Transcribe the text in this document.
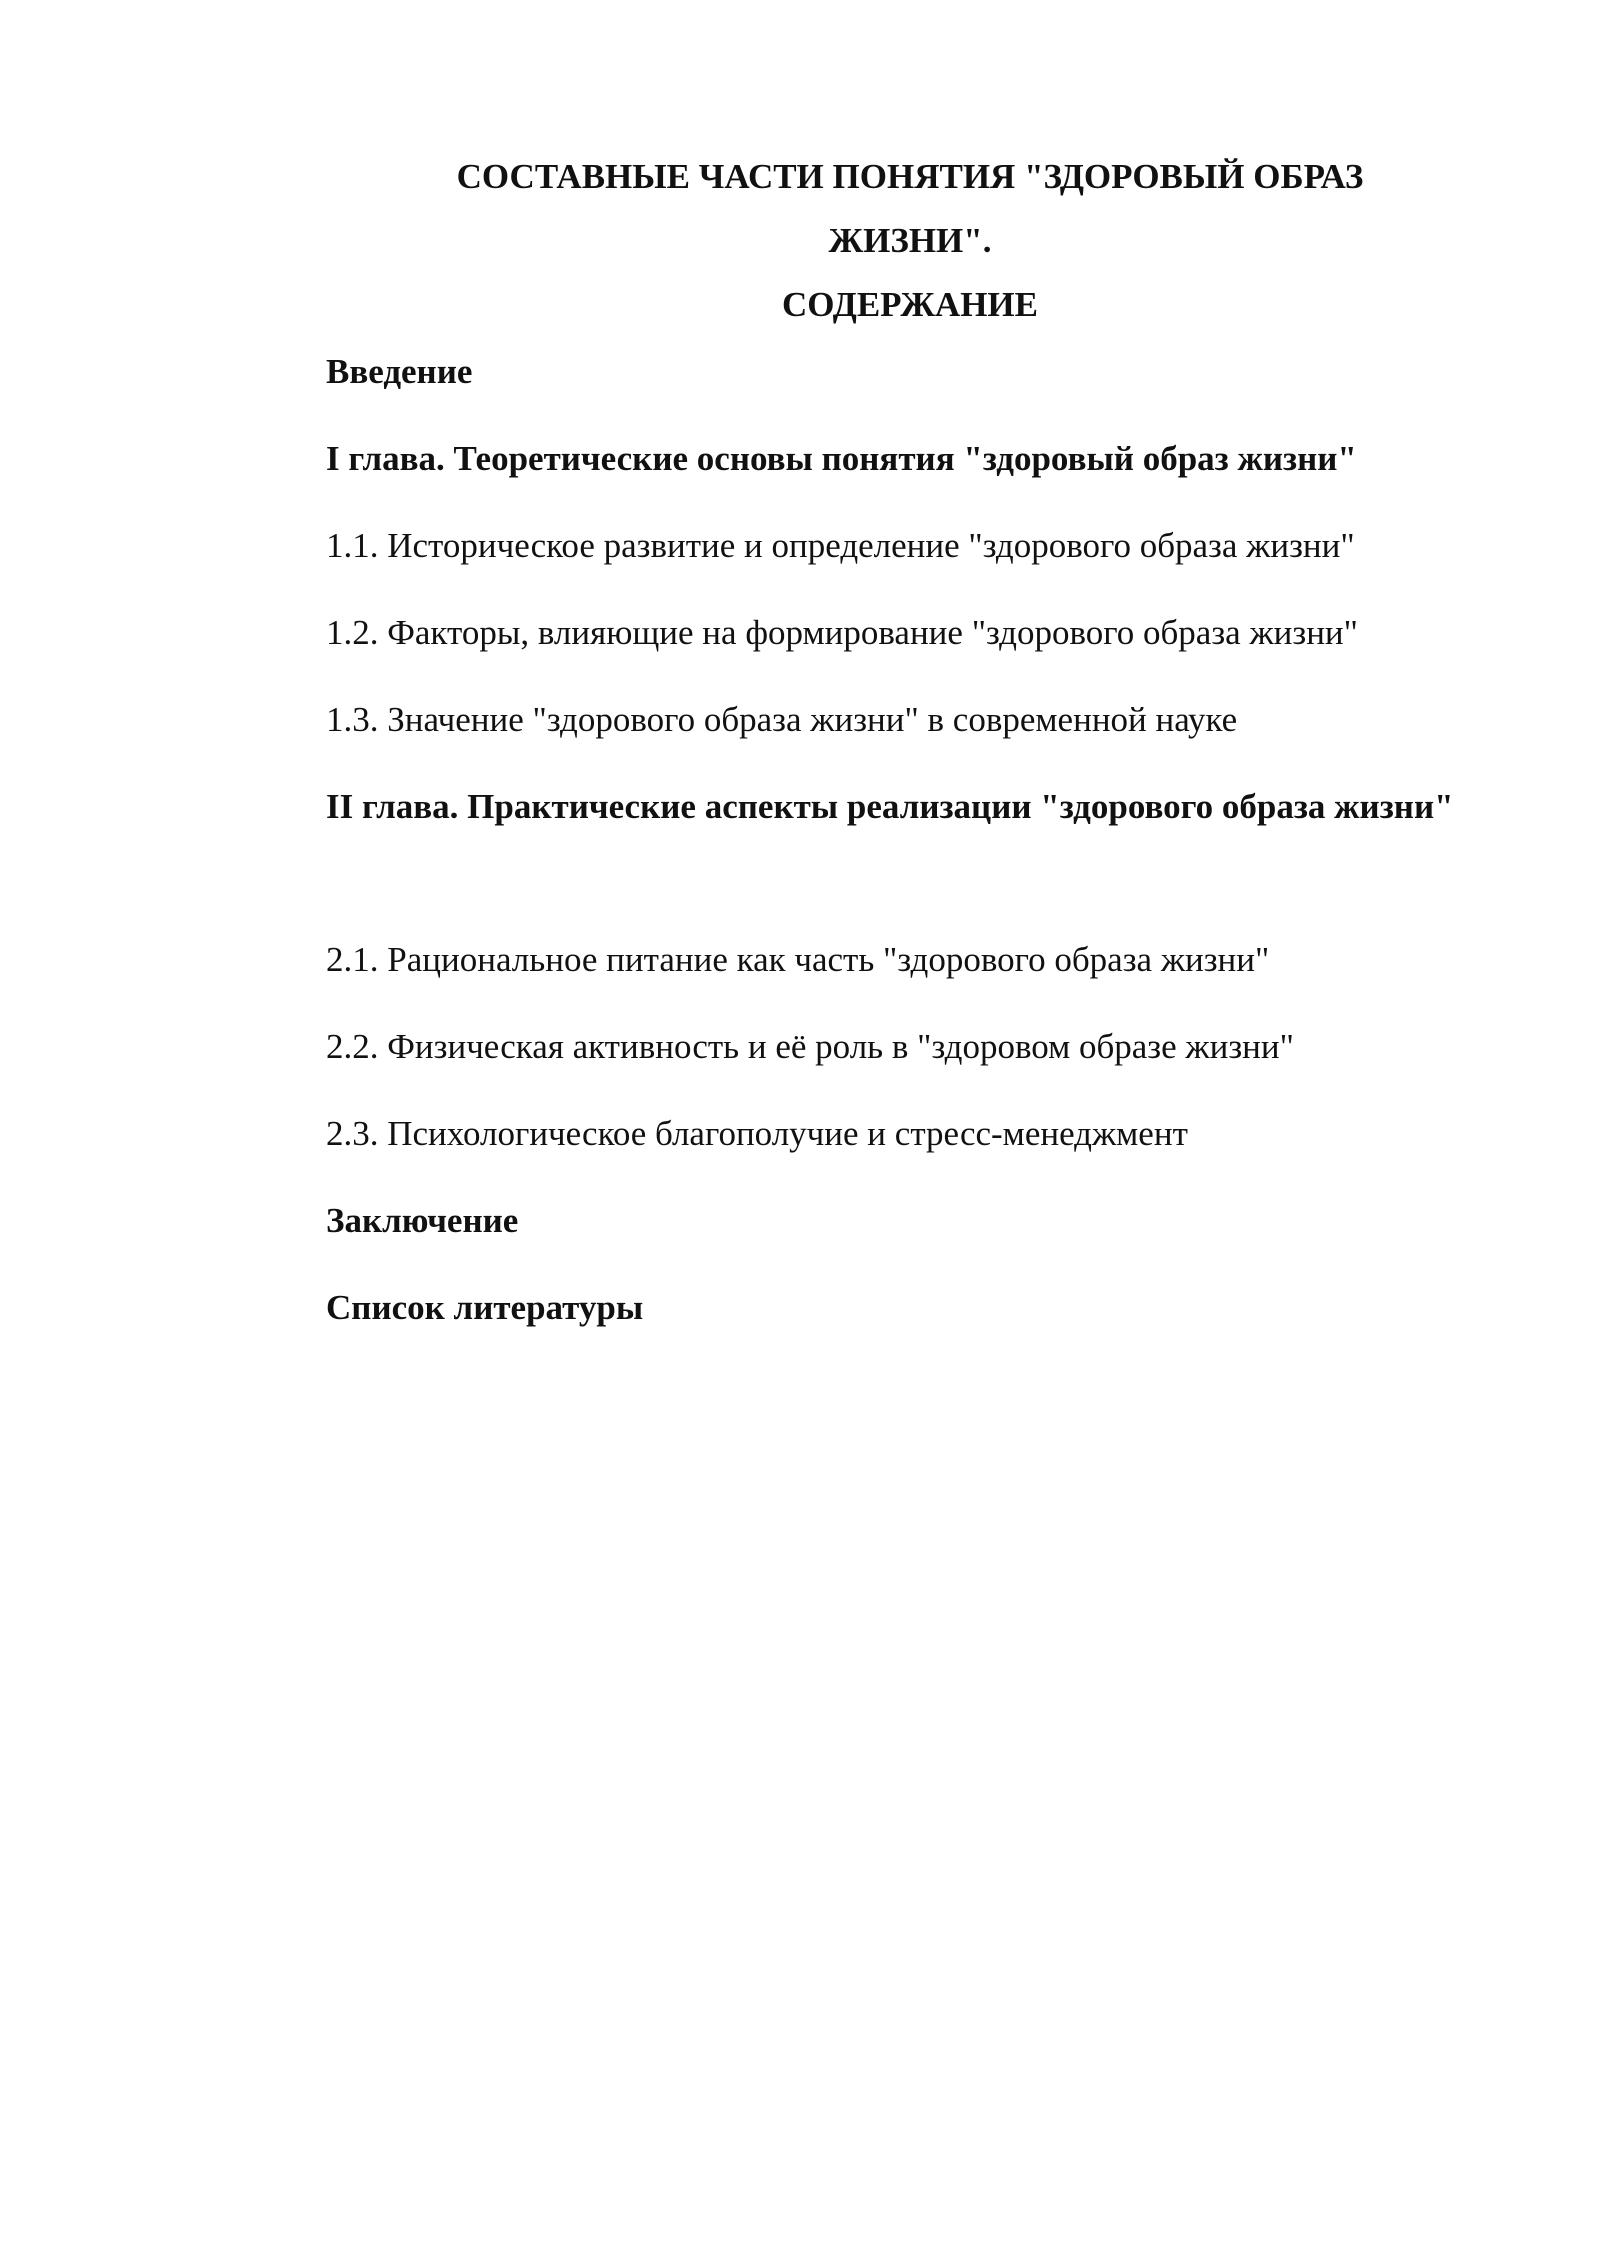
СОСТАВНЫЕ ЧАСТИ ПОНЯТИЯ "ЗДОРОВЫЙ ОБРАЗ
ЖИЗНИ".
СОДЕРЖАНИЕ
Введение
I глава. Теоретические основы понятия "здоровый образ жизни"
1.1. Историческое развитие и определение "здорового образа жизни"
1.2. Факторы, влияющие на формирование "здорового образа жизни"
1.3. Значение "здорового образа жизни" в современной науке
II глава. Практические аспекты реализации "здорового образа жизни"
2.1. Рациональное питание как часть "здорового образа жизни"
2.2. Физическая активность и её роль в "здоровом образе жизни"
2.3. Психологическое благополучие и стресс-менеджмент
Заключение
Список литературы
